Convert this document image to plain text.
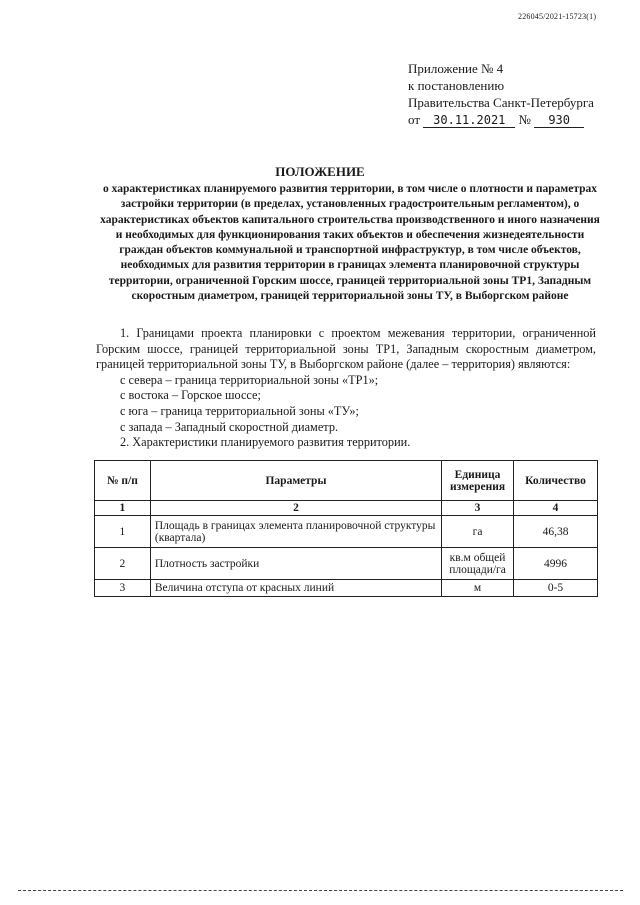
226045/2021-15723(1)
Приложение № 4
к постановлению
Правительства Санкт-Петербурга
от 30.11.2021 № 930
ПОЛОЖЕНИЕ
о характеристиках планируемого развития территории, в том числе о плотности и параметрах застройки территории (в пределах, установленных градостроительным регламентом), о характеристиках объектов капитального строительства производственного и иного назначения и необходимых для функционирования таких объектов и обеспечения жизнедеятельности граждан объектов коммунальной и транспортной инфраструктур, в том числе объектов, необходимых для развития территории в границах элемента планировочной структуры территории, ограниченной Горским шоссе, границей территориальной зоны ТР1, Западным скоростным диаметром, границей территориальной зоны ТУ, в Выборгском районе

1. Границами проекта планировки с проектом межевания территории, ограниченной Горским шоссе, границей территориальной зоны ТР1, Западным скоростным диаметром, границей территориальной зоны ТУ, в Выборгском районе (далее – территория) являются:

с севера – граница территориальной зоны «ТР1»;

с востока – Горское шоссе;

с юга – граница территориальной зоны «ТУ»;

с запада – Западный скоростной диаметр.

2. Характеристики планируемого развития территории.

№ п/п	Параметры	Единица измерения	Количество
1	2	3	4
1	Площадь в границах элемента планировочной структуры (квартала)	га	46,38
2	Плотность застройки	кв.м общей площади/га	4996
3	Величина отступа от красных линий	м	0-5
